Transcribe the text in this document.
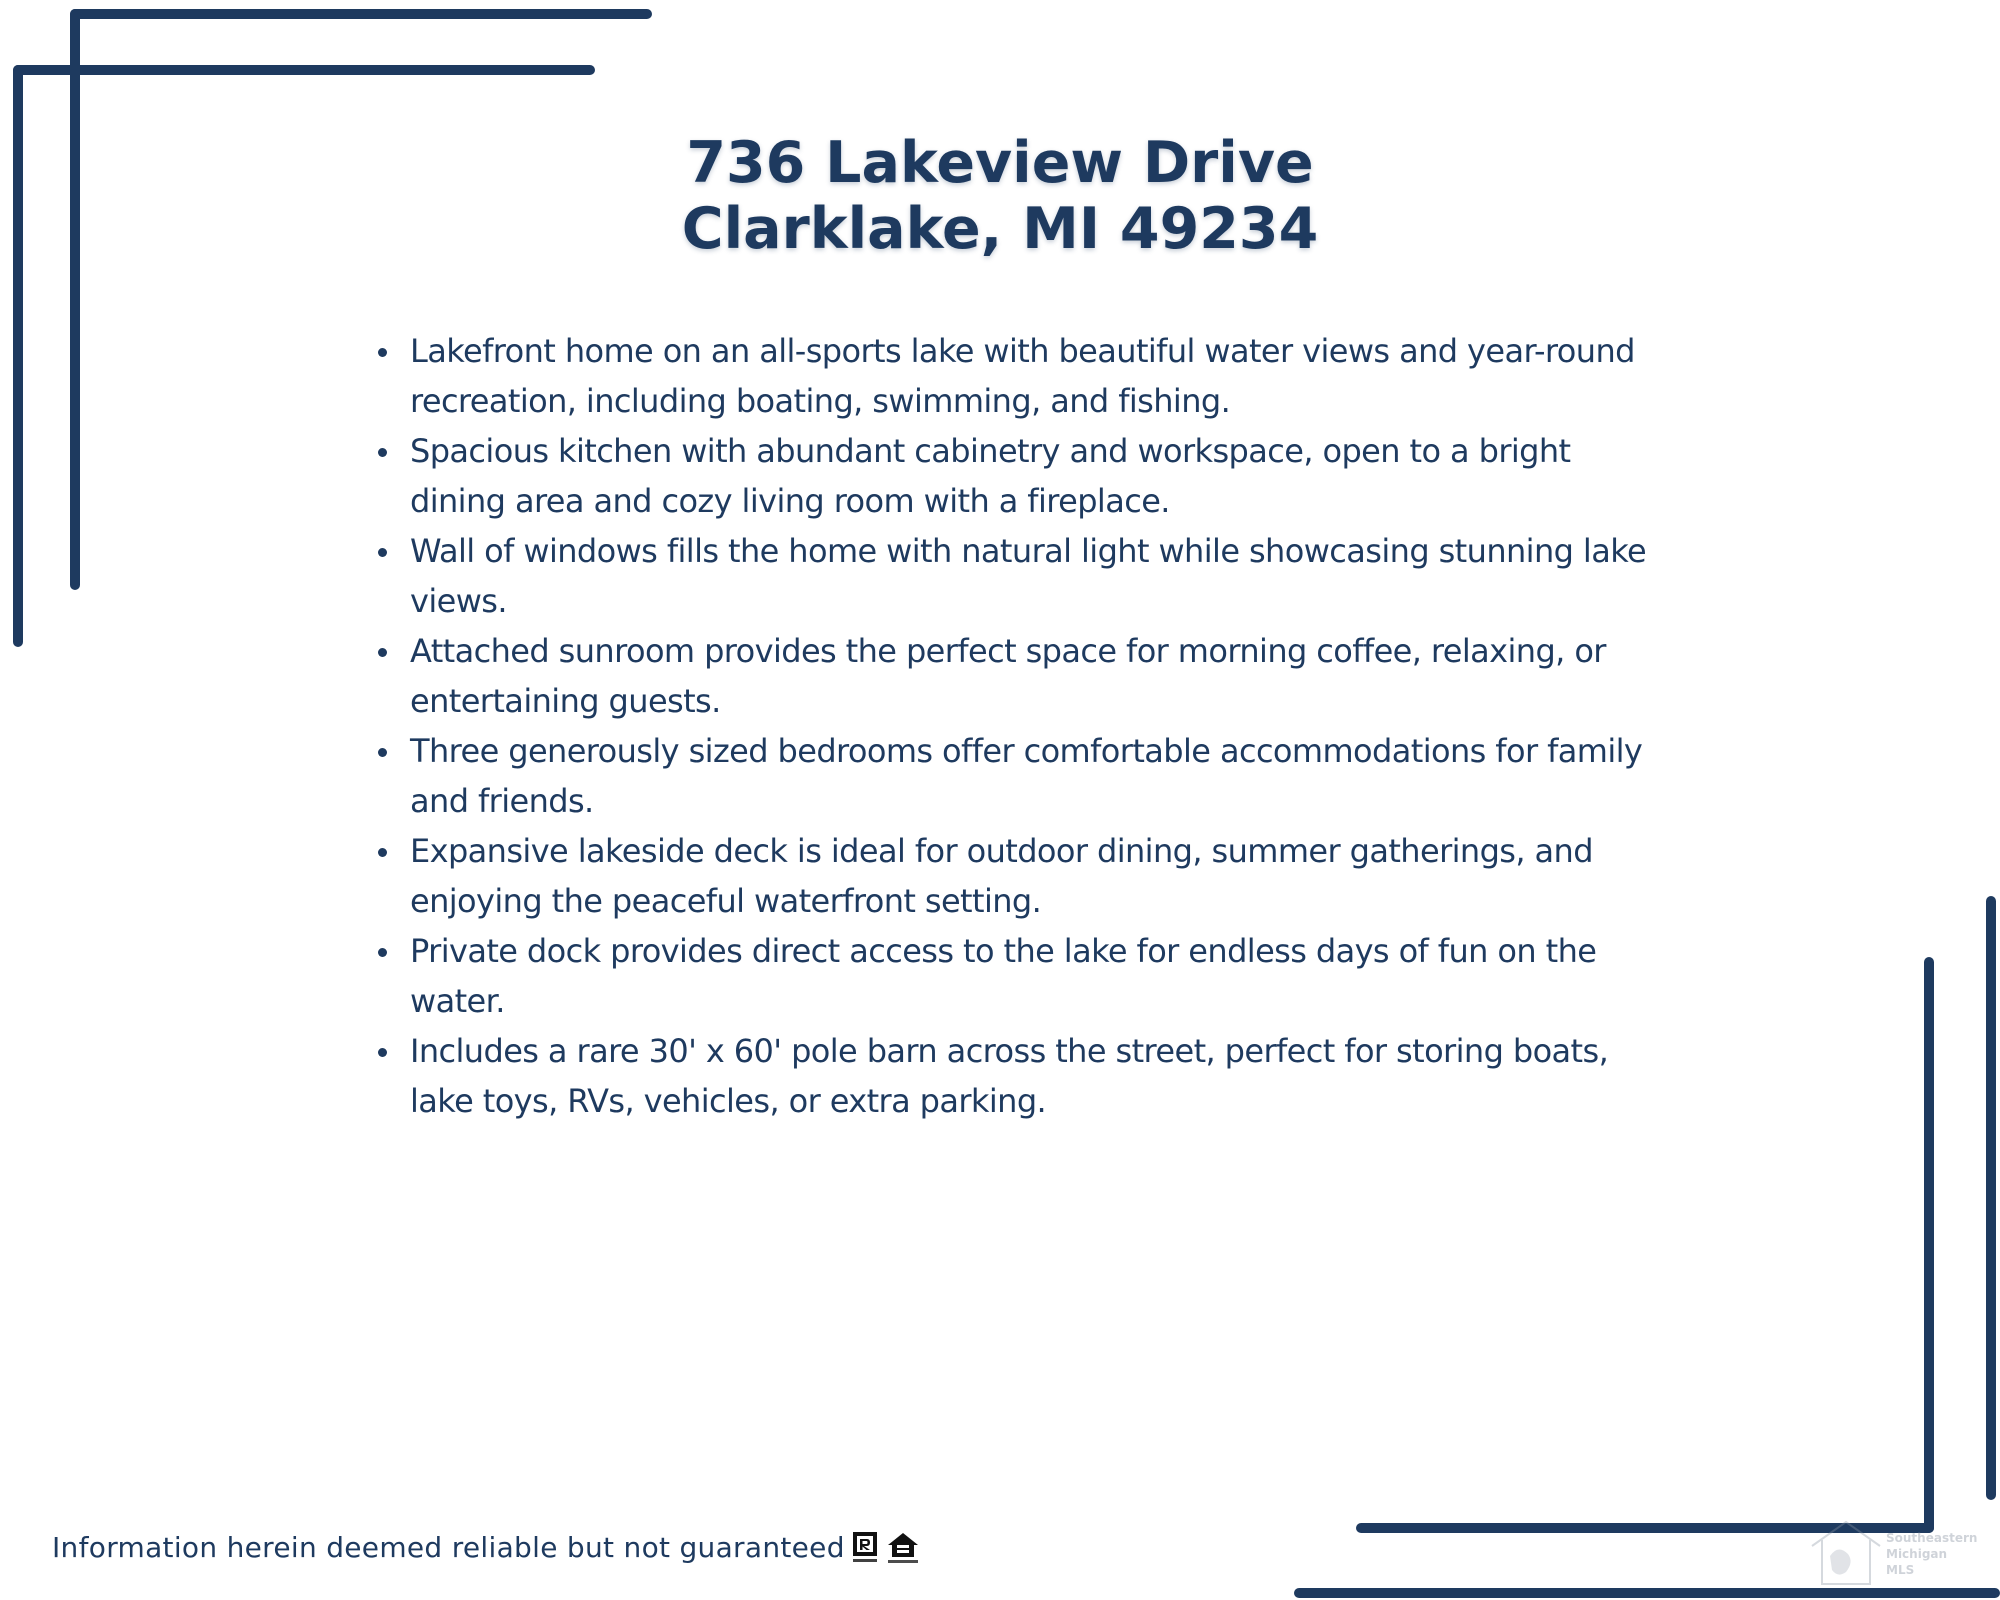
736 Lakeview Drive
Clarklake, MI 49234
Lakefront home on an all-sports lake with beautiful water views and year-round recreation, including boating, swimming, and fishing.
Spacious kitchen with abundant cabinetry and workspace, open to a bright dining area and cozy living room with a fireplace.
Wall of windows fills the home with natural light while showcasing stunning lake views.
Attached sunroom provides the perfect space for morning coffee, relaxing, or entertaining guests.
Three generously sized bedrooms offer comfortable accommodations for family and friends.
Expansive lakeside deck is ideal for outdoor dining, summer gatherings, and enjoying the peaceful waterfront setting.
Private dock provides direct access to the lake for endless days of fun on the water.
Includes a rare 30' x 60' pole barn across the street, perfect for storing boats, lake toys, RVs, vehicles, or extra parking.
Information herein deemed reliable but not guaranteed	Southeastern
Michigan
MLS
